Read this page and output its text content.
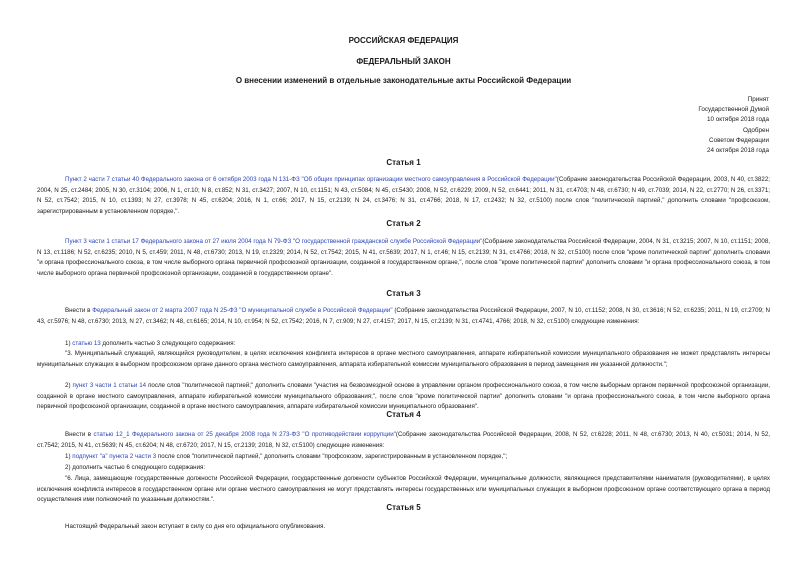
РОССИЙСКАЯ ФЕДЕРАЦИЯ
ФЕДЕРАЛЬНЫЙ ЗАКОН
О внесении изменений в отдельные законодательные акты Российской Федерации
Принят
Государственной Думой
10 октября 2018 года
Одобрен
Советом Федерации
24 октября 2018 года
Статья 1
Пункт 2 части 7 статьи 40 Федерального закона от 6 октября 2003 года N 131-ФЗ "Об общих принципах организации местного самоуправления в Российской Федерации"(Собрание законодательства Российской Федерации, 2003, N 40, ст.3822; 2004, N 25, ст.2484; 2005, N 30, ст.3104; 2006, N 1, ст.10; N 8, ст.852; N 31, ст.3427; 2007, N 10, ст.1151; N 43, ст.5084; N 45, ст.5430; 2008, N 52, ст.6229; 2009, N 52, ст.6441; 2011, N 31, ст.4703; N 48, ст.6730; N 49, ст.7039; 2014, N 22, ст.2770; N 26, ст.3371; N 52, ст.7542; 2015, N 10, ст.1393; N 27, ст.3978; N 45, ст.6204; 2016, N 1, ст.66; 2017, N 15, ст.2139; N 24, ст.3476; N 31, ст.4766; 2018, N 17, ст.2432; N 32, ст.5100) после слов "политической партией," дополнить словами "профсоюзом, зарегистрированным в установленном порядке,".
Статья 2
Пункт 3 части 1 статьи 17 Федерального закона от 27 июля 2004 года N 79-ФЗ "О государственной гражданской службе Российской Федерации"(Собрание законодательства Российской Федерации, 2004, N 31, ст.3215; 2007, N 10, ст.1151; 2008, N 13, ст.1186; N 52, ст.6235; 2010, N 5, ст.459; 2011, N 48, ст.6730; 2013, N 19, ст.2329; 2014, N 52, ст.7542; 2015, N 41, ст.5639; 2017, N 1, ст.46; N 15, ст.2139; N 31, ст.4766; 2018, N 32, ст.5100) после слов "кроме политической партии" дополнить словами "и органа профессионального союза, в том числе выборного органа первичной профсоюзной организации, созданной в государственном органе,", после слов "кроме политической партии" дополнить словами "и органа профессионального союза, в том числе выборного органа первичной профсоюзной организации, созданной в государственном органе".
Статья 3
Внести в Федеральный закон от 2 марта 2007 года N 25-ФЗ "О муниципальной службе в Российской Федерации" (Собрание законодательства Российской Федерации, 2007, N 10, ст.1152; 2008, N 30, ст.3616; N 52, ст.6235; 2011, N 19, ст.2709; N 43, ст.5976; N 48, ст.6730; 2013, N 27, ст.3462; N 48, ст.6165; 2014, N 10, ст.954; N 52, ст.7542; 2016, N 7, ст.909; N 27, ст.4157; 2017, N 15, ст.2139; N 31, ст.4741, 4766; 2018, N 32, ст.5100) следующие изменения:
1) статью 13 дополнить частью 3 следующего содержания:
"3. Муниципальный служащий, являющийся руководителем, в целях исключения конфликта интересов в органе местного самоуправления, аппарате избирательной комиссии муниципального образования не может представлять интересы муниципальных служащих в выборном профсоюзном органе данного органа местного самоуправления, аппарата избирательной комиссии муниципального образования в период замещения им указанной должности.";
2) пункт 3 части 1 статьи 14 после слов "политической партией;" дополнить словами "участия на безвозмездной основе в управлении органом профессионального союза, в том числе выборным органом первичной профсоюзной организации, созданной в органе местного самоуправления, аппарате избирательной комиссии муниципального образования;", после слов "кроме политической партии" дополнить словами "и органа профессионального союза, в том числе выборного органа первичной профсоюзной организации, созданной в органе местного самоуправления, аппарате избирательной комиссии муниципального образования".
Статья 4
Внести в статью 12_1 Федерального закона от 25 декабря 2008 года N 273-ФЗ "О противодействии коррупции"(Собрание законодательства Российской Федерации, 2008, N 52, ст.6228; 2011, N 48, ст.6730; 2013, N 40, ст.5031; 2014, N 52, ст.7542; 2015, N 41, ст.5639; N 45, ст.6204; N 48, ст.6720; 2017, N 15, ст.2139; 2018, N 32, ст.5100) следующие изменения:
1) подпункт "а" пункта 2 части 3 после слов "политической партией," дополнить словами "профсоюзом, зарегистрированным в установленном порядке,";
2) дополнить частью 6 следующего содержания:
"6. Лица, замещающие государственные должности Российской Федерации, государственные должности субъектов Российской Федерации, муниципальные должности, являющиеся представителями нанимателя (руководителями), в целях исключения конфликта интересов в государственном органе или органе местного самоуправления не могут представлять интересы государственных или муниципальных служащих в выборном профсоюзном органе соответствующего органа в период осуществления ими полномочий по указанным должностям.".
Статья 5
Настоящий Федеральный закон вступает в силу со дня его официального опубликования.
